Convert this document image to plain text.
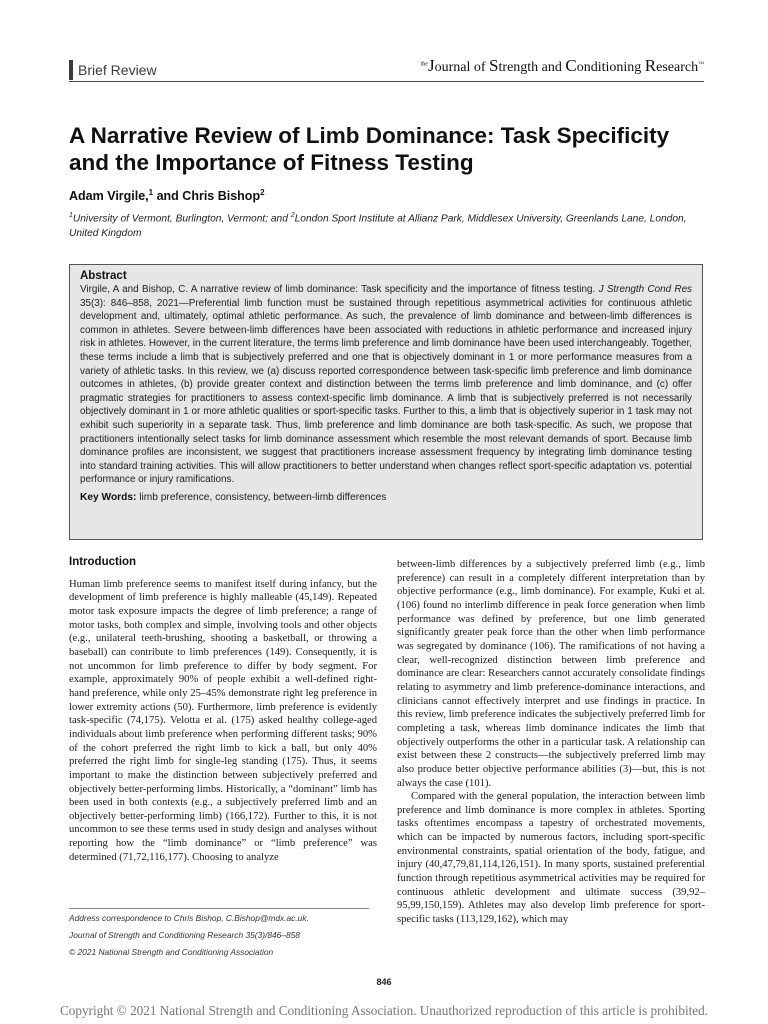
Brief Review	$^{the}$Journal of Strength and Conditioning Research™
A Narrative Review of Limb Dominance: Task Specificity and the Importance of Fitness Testing
Adam Virgile,$^1$ and Chris Bishop$^2$
$^1$University of Vermont, Burlington, Vermont; and $^2$London Sport Institute at Allianz Park, Middlesex University, Greenlands Lane, London, United Kingdom
Abstract

Virgile, A and Bishop, C. A narrative review of limb dominance: Task specificity and the importance of fitness testing. J Strength Cond Res 35(3): 846–858, 2021—Preferential limb function must be sustained through repetitious asymmetrical activities for continuous athletic development and, ultimately, optimal athletic performance. As such, the prevalence of limb dominance and between-limb differences is common in athletes. Severe between-limb differences have been associated with reductions in athletic performance and increased injury risk in athletes. However, in the current literature, the terms limb preference and limb dominance have been used interchangeably. Together, these terms include a limb that is subjectively preferred and one that is objectively dominant in 1 or more performance measures from a variety of athletic tasks. In this review, we (a) discuss reported correspondence between task-specific limb preference and limb dominance outcomes in athletes, (b) provide greater context and distinction between the terms limb preference and limb dominance, and (c) offer pragmatic strategies for practitioners to assess context-specific limb dominance. A limb that is subjectively preferred is not necessarily objectively dominant in 1 or more athletic qualities or sport-specific tasks. Further to this, a limb that is objectively superior in 1 task may not exhibit such superiority in a separate task. Thus, limb preference and limb dominance are both task-specific. As such, we propose that practitioners intentionally select tasks for limb dominance assessment which resemble the most relevant demands of sport. Because limb dominance profiles are inconsistent, we suggest that practitioners increase assessment frequency by integrating limb dominance testing into standard training activities. This will allow practitioners to better understand when changes reflect sport-specific adaptation vs. potential performance or injury ramifications.

Key Words: limb preference, consistency, between-limb differences
Introduction

Human limb preference seems to manifest itself during infancy, but the development of limb preference is highly malleable (45,149). Repeated motor task exposure impacts the degree of limb preference; a range of motor tasks, both complex and simple, involving tools and other objects (e.g., unilateral teeth-brushing, shooting a basketball, or throwing a baseball) can contribute to limb preferences (149). Consequently, it is not uncommon for limb preference to differ by body segment. For example, approximately 90% of people exhibit a well-defined right-hand preference, while only 25–45% demonstrate right leg preference in lower extremity actions (50). Furthermore, limb preference is evidently task-specific (74,175). Velotta et al. (175) asked healthy college-aged individuals about limb preference when performing different tasks; 90% of the cohort preferred the right limb to kick a ball, but only 40% preferred the right limb for single-leg standing (175). Thus, it seems important to make the distinction between subjectively preferred and objectively better-performing limbs. Historically, a “dominant” limb has been used in both contexts (e.g., a subjectively preferred limb and an objectively better-performing limb) (166,172). Further to this, it is not uncommon to see these terms used in study design and analyses without reporting how the “limb dominance” or “limb preference” was determined (71,72,116,177). Choosing to analyze

between-limb differences by a subjectively preferred limb (e.g., limb preference) can result in a completely different interpretation than by objective performance (e.g., limb dominance). For example, Kuki et al. (106) found no interlimb difference in peak force generation when limb performance was defined by preference, but one limb generated significantly greater peak force than the other when limb performance was segregated by dominance (106). The ramifications of not having a clear, well-recognized distinction between limb preference and dominance are clear: Researchers cannot accurately consolidate findings relating to asymmetry and limb preference-dominance interactions, and clinicians cannot effectively interpret and use findings in practice. In this review, limb preference indicates the subjectively preferred limb for completing a task, whereas limb dominance indicates the limb that objectively outperforms the other in a particular task. A relationship can exist between these 2 constructs—the subjectively preferred limb may also produce better objective performance abilities (3)—but, this is not always the case (101).

Compared with the general population, the interaction between limb preference and limb dominance is more complex in athletes. Sporting tasks oftentimes encompass a tapestry of orchestrated movements, which can be impacted by numerous factors, including sport-specific environmental constraints, spatial orientation of the body, fatigue, and injury (40,47,79,81,114,126,151). In many sports, sustained preferential function through repetitious asymmetrical activities may be required for continuous athletic development and ultimate success (39,92–95,99,150,159). Athletes may also develop limb preference for sport-specific tasks (113,129,162), which may

Address correspondence to Chris Bishop, C.Bishop@mdx.ac.uk.
Journal of Strength and Conditioning Research 35(3)/846–858
© 2021 National Strength and Conditioning Association
846
Copyright © 2021 National Strength and Conditioning Association. Unauthorized reproduction of this article is prohibited.
